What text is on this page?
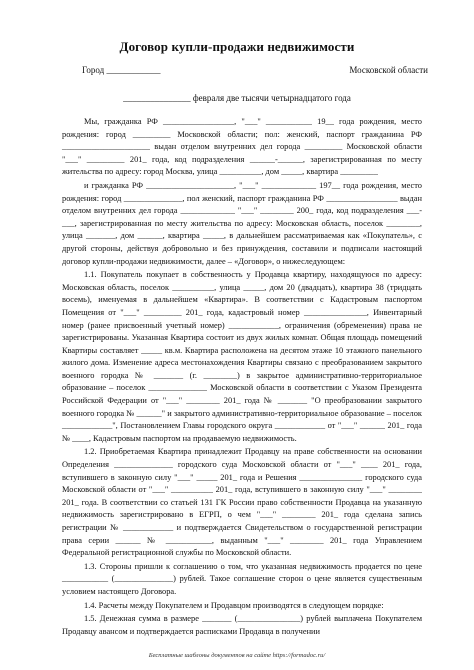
Договор купли-продажи недвижимости
Город ____________	Московской области
_______________ февраля две тысячи четырнадцатого года

Мы, гражданка РФ _________________, "___" ___________ 19__ года рождения, место рождения: город _________ Московской области; пол: женский, паспорт гражданина РФ _____________________ выдан отделом внутренних дел города _________ Московской области "___" _________ 201_ года, код подразделения ______-______, зарегистрированная по месту жительства по адресу: город Москва, улица __________, дом _____, квартира _________

и гражданка РФ _____________________, "___" _____________ 197__ года рождения, место рождения: город ______________, пол женский, паспорт гражданина РФ _________________ выдан отделом внутренних дел города _____________ "___" ________ 200_ года, код подразделения ___-___, зарегистрированная по месту жительства по адресу: Московская область, поселок ________, улица _______, дом ______, квартира _____, в дальнейшем рассматриваемая как «Покупатель», с другой стороны, действуя добровольно и без принуждения, составили и подписали настоящий договор купли-продажи недвижимости, далее – «Договор», о нижеследующем:

1.1. Покупатель покупает в собственность у Продавца квартиру, находящуюся по адресу: Московская область, поселок __________, улица _____, дом 20 (двадцать), квартира 38 (тридцать восемь), именуемая в дальнейшем «Квартира». В соответствии с Кадастровым паспортом Помещения от "___" _________ 201_ года, кадастровый номер _______________, Инвентарный номер (ранее присвоенный учетный номер) ____________, ограничения (обременения) права не зарегистрированы. Указанная Квартира состоит из двух жилых комнат. Общая площадь помещений Квартиры составляет _____ кв.м. Квартира расположена на десятом этаже 10 этажного панельного жилого дома. Изменение адреса местонахождения Квартиры связано с преобразованием закрытого военного городка № _______ (г. ________) в закрытое административно-территориальное образование – поселок ______________ Московской области в соответствии с Указом Президента Российской Федерации от "___" ________ 201_ года № _______ "О преобразовании закрытого военного городка № ______" и закрытого административно-территориальное образование – поселок ____________", Постановлением Главы городского округа ____________ от "___" ______ 201_ года № ____, Кадастровым паспортом на продаваемую недвижимость.

1.2. Приобретаемая Квартира принадлежит Продавцу на праве собственности на основании Определения ______________ городского суда Московской области от "___" ____ 201_ года, вступившего в законную силу "___" _____ 201_ года и Решения _______________ городского суда Московской области от "___" __________ 201_ года, вступившего в законную силу "___" ________ 201_ года. В соответствии со статьей 131 ГК России право собственности Продавца на указанную недвижимость зарегистрировано в ЕГРП, о чем "___" ________ 201_ года сделана запись регистрации № ____________ и подтверждается Свидетельством о государственной регистрации права серии ______ № ___________, выданным "___" ________ 201_ года Управлением Федеральной регистрационной службы по Московской области.

1.3. Стороны пришли к соглашению о том, что указанная недвижимость продается по цене ___________ (______________) рублей. Такое соглашение сторон о цене является существенным условием настоящего Договора.

1.4. Расчеты между Покупателем и Продавцом производятся в следующем порядке:

1.5. Денежная сумма в размере _______ (_______________) рублей выплачена Покупателем Продавцу авансом и подтверждается расписками Продавца в получении

Бесплатные шаблоны документов на сайте https://formadoc.ru/
